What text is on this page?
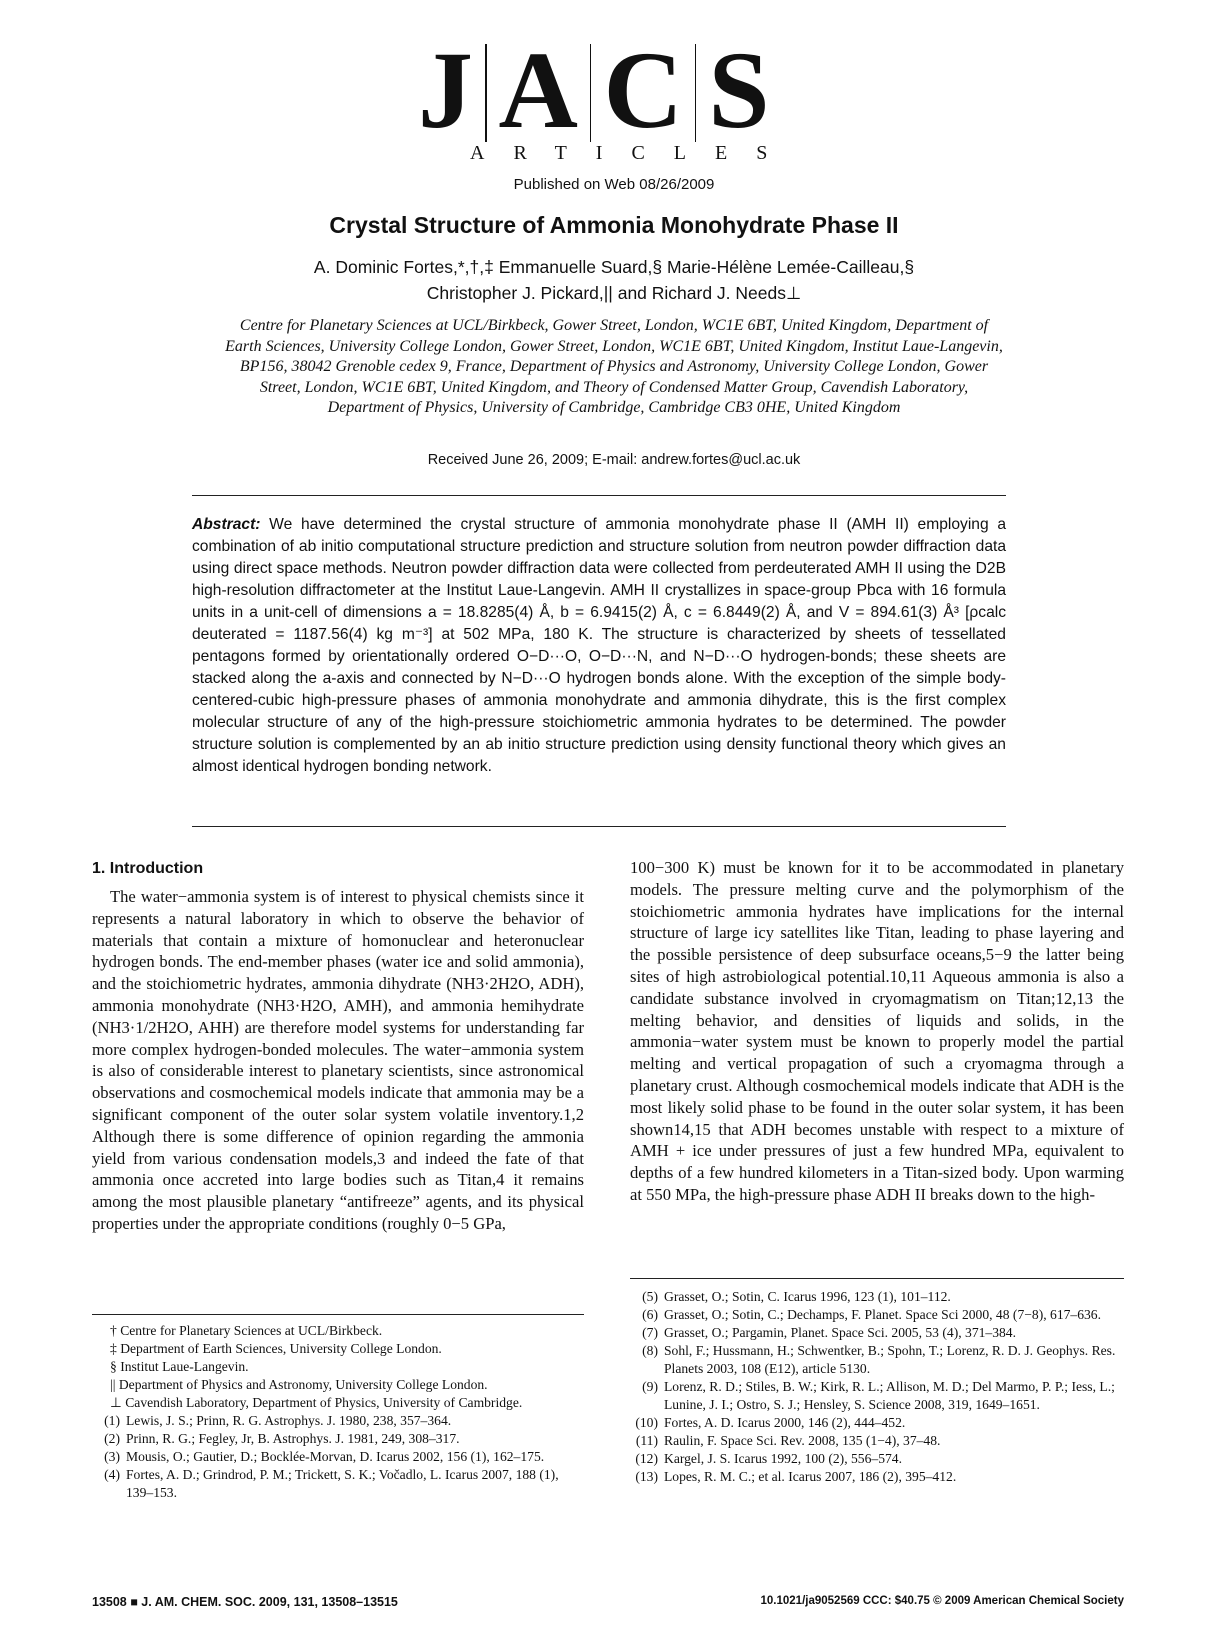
J A C S
ARTICLES
Published on Web 08/26/2009
Crystal Structure of Ammonia Monohydrate Phase II
A. Dominic Fortes,*,†,‡ Emmanuelle Suard,§ Marie-Hélène Lemée-Cailleau,§
Christopher J. Pickard,|| and Richard J. Needs⊥
Centre for Planetary Sciences at UCL/Birkbeck, Gower Street, London, WC1E 6BT, United Kingdom, Department of Earth Sciences, University College London, Gower Street, London, WC1E 6BT, United Kingdom, Institut Laue-Langevin, BP156, 38042 Grenoble cedex 9, France, Department of Physics and Astronomy, University College London, Gower Street, London, WC1E 6BT, United Kingdom, and Theory of Condensed Matter Group, Cavendish Laboratory, Department of Physics, University of Cambridge, Cambridge CB3 0HE, United Kingdom
Received June 26, 2009; E-mail: andrew.fortes@ucl.ac.uk
Abstract: We have determined the crystal structure of ammonia monohydrate phase II (AMH II) employing a combination of ab initio computational structure prediction and structure solution from neutron powder diffraction data using direct space methods. Neutron powder diffraction data were collected from perdeuterated AMH II using the D2B high-resolution diffractometer at the Institut Laue-Langevin. AMH II crystallizes in space-group Pbca with 16 formula units in a unit-cell of dimensions a = 18.8285(4) Å, b = 6.9415(2) Å, c = 6.8449(2) Å, and V = 894.61(3) Å³ [ρcalc deuterated = 1187.56(4) kg m⁻³] at 502 MPa, 180 K. The structure is characterized by sheets of tessellated pentagons formed by orientationally ordered O−D···O, O−D···N, and N−D···O hydrogen-bonds; these sheets are stacked along the a-axis and connected by N−D···O hydrogen bonds alone. With the exception of the simple body-centered-cubic high-pressure phases of ammonia monohydrate and ammonia dihydrate, this is the first complex molecular structure of any of the high-pressure stoichiometric ammonia hydrates to be determined. The powder structure solution is complemented by an ab initio structure prediction using density functional theory which gives an almost identical hydrogen bonding network.
1. Introduction

The water−ammonia system is of interest to physical chemists since it represents a natural laboratory in which to observe the behavior of materials that contain a mixture of homonuclear and heteronuclear hydrogen bonds. The end-member phases (water ice and solid ammonia), and the stoichiometric hydrates, ammonia dihydrate (NH3·2H2O, ADH), ammonia monohydrate (NH3·H2O, AMH), and ammonia hemihydrate (NH3·1/2H2O, AHH) are therefore model systems for understanding far more complex hydrogen-bonded molecules. The water−ammonia system is also of considerable interest to planetary scientists, since astronomical observations and cosmochemical models indicate that ammonia may be a significant component of the outer solar system volatile inventory.1,2 Although there is some difference of opinion regarding the ammonia yield from various condensation models,3 and indeed the fate of that ammonia once accreted into large bodies such as Titan,4 it remains among the most plausible planetary “antifreeze” agents, and its physical properties under the appropriate conditions (roughly 0−5 GPa,

100−300 K) must be known for it to be accommodated in planetary models. The pressure melting curve and the polymorphism of the stoichiometric ammonia hydrates have implications for the internal structure of large icy satellites like Titan, leading to phase layering and the possible persistence of deep subsurface oceans,5−9 the latter being sites of high astrobiological potential.10,11 Aqueous ammonia is also a candidate substance involved in cryomagmatism on Titan;12,13 the melting behavior, and densities of liquids and solids, in the ammonia−water system must be known to properly model the partial melting and vertical propagation of such a cryomagma through a planetary crust. Although cosmochemical models indicate that ADH is the most likely solid phase to be found in the outer solar system, it has been shown14,15 that ADH becomes unstable with respect to a mixture of AMH + ice under pressures of just a few hundred MPa, equivalent to depths of a few hundred kilometers in a Titan-sized body. Upon warming at 550 MPa, the high-pressure phase ADH II breaks down to the high-

† Centre for Planetary Sciences at UCL/Birkbeck.
‡ Department of Earth Sciences, University College London.
§ Institut Laue-Langevin.
|| Department of Physics and Astronomy, University College London.
⊥ Cavendish Laboratory, Department of Physics, University of Cambridge.
(1) Lewis, J. S.; Prinn, R. G. Astrophys. J. 1980, 238, 357–364.
(2) Prinn, R. G.; Fegley, Jr, B. Astrophys. J. 1981, 249, 308–317.
(3) Mousis, O.; Gautier, D.; Bocklée-Morvan, D. Icarus 2002, 156 (1), 162–175.
(4) Fortes, A. D.; Grindrod, P. M.; Trickett, S. K.; Vočadlo, L. Icarus 2007, 188 (1), 139–153.
(5) Grasset, O.; Sotin, C. Icarus 1996, 123 (1), 101–112.
(6) Grasset, O.; Sotin, C.; Dechamps, F. Planet. Space Sci 2000, 48 (7−8), 617–636.
(7) Grasset, O.; Pargamin, Planet. Space Sci. 2005, 53 (4), 371–384.
(8) Sohl, F.; Hussmann, H.; Schwentker, B.; Spohn, T.; Lorenz, R. D. J. Geophys. Res. Planets 2003, 108 (E12), article 5130.
(9) Lorenz, R. D.; Stiles, B. W.; Kirk, R. L.; Allison, M. D.; Del Marmo, P. P.; Iess, L.; Lunine, J. I.; Ostro, S. J.; Hensley, S. Science 2008, 319, 1649–1651.
(10) Fortes, A. D. Icarus 2000, 146 (2), 444–452.
(11) Raulin, F. Space Sci. Rev. 2008, 135 (1−4), 37–48.
(12) Kargel, J. S. Icarus 1992, 100 (2), 556–574.
(13) Lopes, R. M. C.; et al. Icarus 2007, 186 (2), 395–412.
13508 ■ J. AM. CHEM. SOC. 2009, 131, 13508–13515	10.1021/ja9052569 CCC: $40.75 © 2009 American Chemical Society
